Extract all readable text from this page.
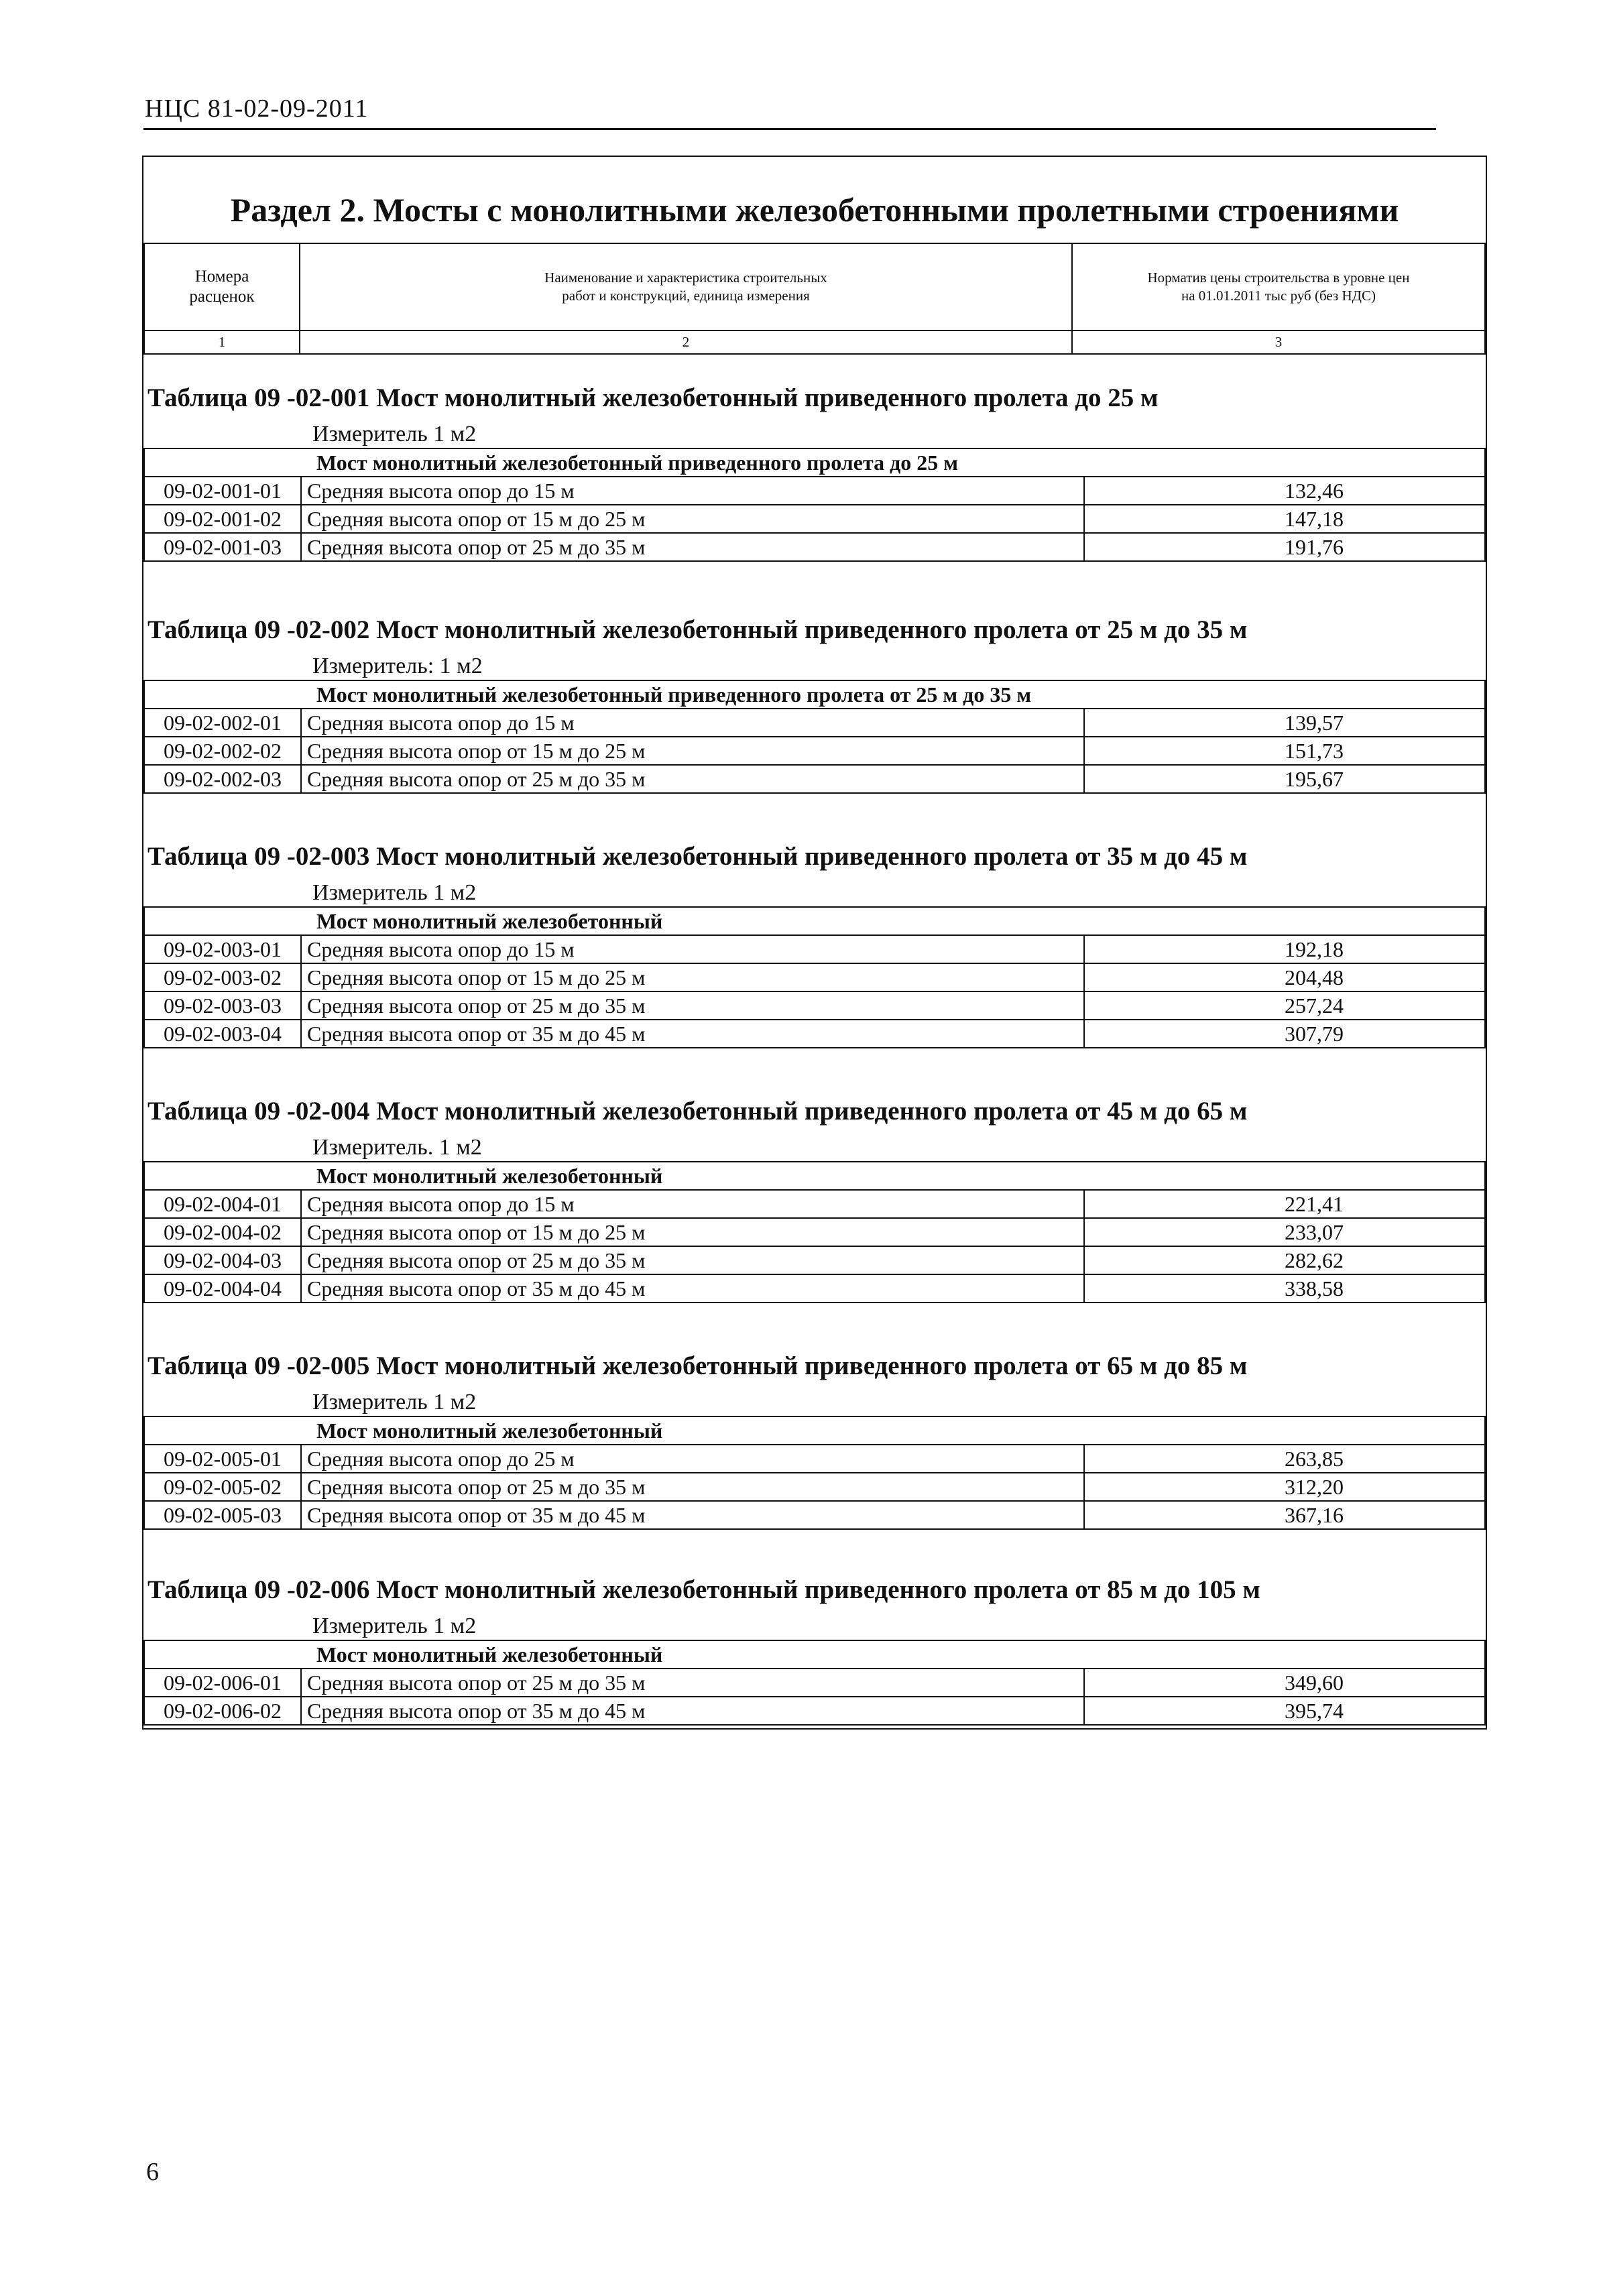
НЦС 81-02-09-2011
Раздел 2. Мосты с монолитными железобетонными пролетными строениями
Номера расценок	Наименование и характеристика строительных работ и конструкций, единица измерения	Норматив цены строительства в уровне цен на 01.01.2011 тыс руб (без НДС)

1	2	3
Таблица 09 -02-001 Мост монолитный железобетонный приведенного пролета до 25 м
Измеритель 1 м2
Мост монолитный железобетонный приведенного пролета до 25 м		
09-02-001-01	Средняя высота опор до 15 м	132,46
09-02-001-02	Средняя высота опор от 15 м до 25 м	147,18
09-02-001-03	Средняя высота опор от 25 м до 35 м	191,76
Таблица 09 -02-002 Мост монолитный железобетонный приведенного пролета от 25 м до 35 м
Измеритель: 1 м2
Мост монолитный железобетонный приведенного пролета от 25 м до 35 м		
09-02-002-01	Средняя высота опор до 15 м	139,57
09-02-002-02	Средняя высота опор от 15 м до 25 м	151,73
09-02-002-03	Средняя высота опор от 25 м до 35 м	195,67
Таблица 09 -02-003 Мост монолитный железобетонный приведенного пролета от 35 м до 45 м
Измеритель 1 м2
Мост монолитный железобетонный		
09-02-003-01	Средняя высота опор до 15 м	192,18
09-02-003-02	Средняя высота опор от 15 м до 25 м	204,48
09-02-003-03	Средняя высота опор от 25 м до 35 м	257,24
09-02-003-04	Средняя высота опор от 35 м до 45 м	307,79
Таблица 09 -02-004 Мост монолитный железобетонный приведенного пролета от 45 м до 65 м
Измеритель. 1 м2
Мост монолитный железобетонный		
09-02-004-01	Средняя высота опор до 15 м	221,41
09-02-004-02	Средняя высота опор от 15 м до 25 м	233,07
09-02-004-03	Средняя высота опор от 25 м до 35 м	282,62
09-02-004-04	Средняя высота опор от 35 м до 45 м	338,58
Таблица 09 -02-005 Мост монолитный железобетонный приведенного пролета от 65 м до 85 м
Измеритель 1 м2
Мост монолитный железобетонный		
09-02-005-01	Средняя высота опор до 25 м	263,85
09-02-005-02	Средняя высота опор от 25 м до 35 м	312,20
09-02-005-03	Средняя высота опор от 35 м до 45 м	367,16
Таблица 09 -02-006 Мост монолитный железобетонный приведенного пролета от 85 м до 105 м
Измеритель 1 м2
Мост монолитный железобетонный		
09-02-006-01	Средняя высота опор от 25 м до 35 м	349,60
09-02-006-02	Средняя высота опор от 35 м до 45 м	395,74
6
